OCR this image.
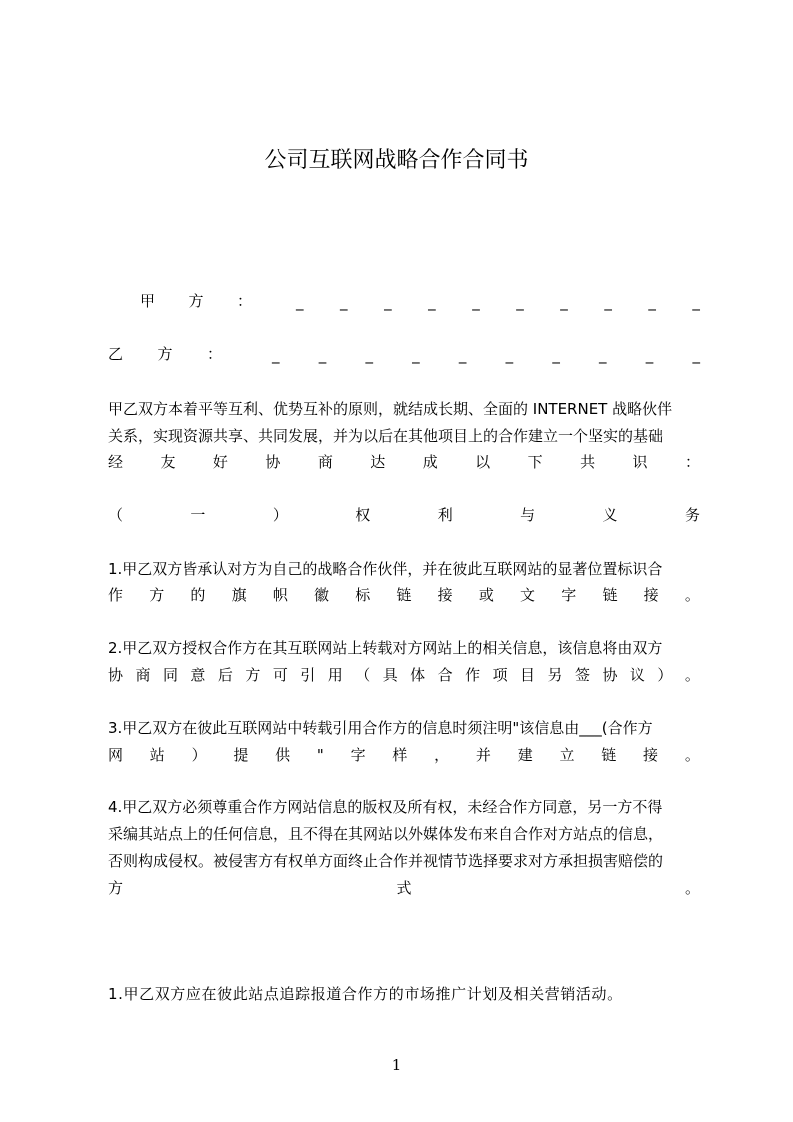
公司互联网战略合作合同书
甲 方 ：	_ _ _ _ _ _ _ _ _ _
乙 方 ：	_	_	_	_	_	_	_	_	_	_
甲乙双方本着平等互利、优势互补的原则，就结成长期、全面的 INTERNET 战略伙伴
关系，实现资源共享、共同发展，并为以后在其他项目上的合作建立一个坚实的基础
经 友 好 协 商 达 成 以 下 共 识 ：
（	一	）	权	利	与	义	务
1.甲乙双方皆承认对方为自己的战略合作伙伴，并在彼此互联网站的显著位置标识合
作 方 的 旗 帜 徽 标 链 接 或 文 字 链 接 。
2.甲乙双方授权合作方在其互联网站上转载对方网站上的相关信息，该信息将由双方
协 商 同 意 后 方 可 引 用 （ 具 体 合 作 项 目 另 签 协 议 ） 。
3.甲乙双方在彼此互联网站中转载引用合作方的信息时须注明"该信息由___(合作方
网 站 ） 提 供 " 字 样 ， 并 建 立 链 接 。
4.甲乙双方必须尊重合作方网站信息的版权及所有权，未经合作方同意，另一方不得
采编其站点上的任何信息，且不得在其网站以外媒体发布来自合作对方站点的信息，
否则构成侵权。被侵害方有权单方面终止合作并视情节选择要求对方承担损害赔偿的
方	式	。
1.甲乙双方应在彼此站点追踪报道合作方的市场推广计划及相关营销活动。
1
